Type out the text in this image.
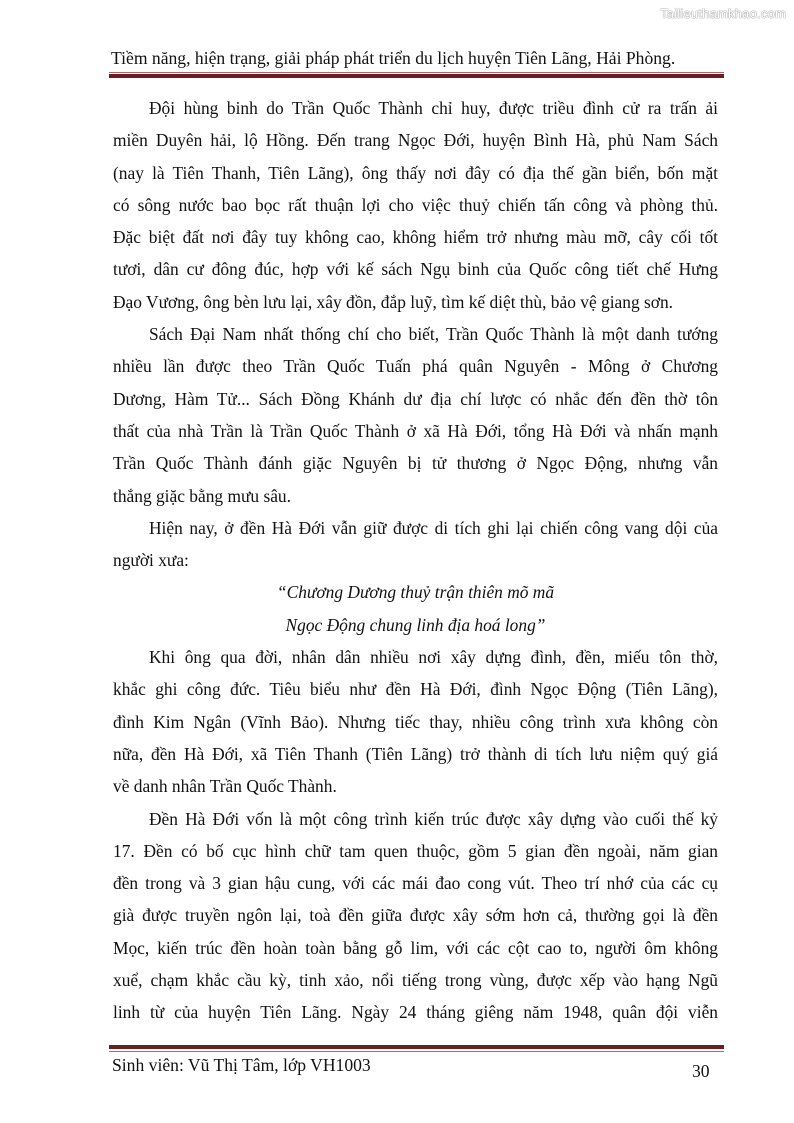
Tailieuthamkhao.com
Tiềm năng, hiện trạng, giải pháp phát triển du lịch huyện Tiên Lãng, Hải Phòng.
Đội hùng binh do Trần Quốc Thành chỉ huy, được triều đình cử ra trấn ải
miền Duyên hải, lộ Hồng. Đến trang Ngọc Đới, huyện Bình Hà, phủ Nam Sách
(nay là Tiên Thanh, Tiên Lãng), ông thấy nơi đây có địa thế gần biển, bốn mặt
có sông nước bao bọc rất thuận lợi cho việc thuỷ chiến tấn công và phòng thủ.
Đặc biệt đất nơi đây tuy không cao, không hiểm trở nhưng màu mỡ, cây cối tốt
tươi, dân cư đông đúc, hợp với kế sách Ngụ binh của Quốc công tiết chế Hưng
Đạo Vương, ông bèn lưu lại, xây đồn, đắp luỹ, tìm kế diệt thù, bảo vệ giang sơn.
Sách Đại Nam nhất thống chí cho biết, Trần Quốc Thành là một danh tướng
nhiều lần được theo Trần Quốc Tuấn phá quân Nguyên - Mông ở Chương
Dương, Hàm Tử... Sách Đồng Khánh dư địa chí lược có nhắc đến đền thờ tôn
thất của nhà Trần là Trần Quốc Thành ở xã Hà Đới, tổng Hà Đới và nhấn mạnh
Trần Quốc Thành đánh giặc Nguyên bị tử thương ở Ngọc Động, nhưng vẫn
thắng giặc bằng mưu sâu.
Hiện nay, ở đền Hà Đới vẫn giữ được di tích ghi lại chiến công vang dội của
người xưa:
“Chương Dương thuỷ trận thiên mõ mã
Ngọc Động chung linh địa hoá long”
Khi ông qua đời, nhân dân nhiều nơi xây dựng đình, đền, miếu tôn thờ,
khắc ghi công đức. Tiêu biểu như đền Hà Đới, đình Ngọc Động (Tiên Lãng),
đình Kim Ngân (Vĩnh Bảo). Nhưng tiếc thay, nhiều công trình xưa không còn
nữa, đền Hà Đới, xã Tiên Thanh (Tiên Lãng) trở thành di tích lưu niệm quý giá
về danh nhân Trần Quốc Thành.
Đền Hà Đới vốn là một công trình kiến trúc được xây dựng vào cuối thế kỷ
17. Đền có bố cục hình chữ tam quen thuộc, gồm 5 gian đền ngoài, năm gian
đền trong và 3 gian hậu cung, với các mái đao cong vút. Theo trí nhớ của các cụ
già được truyền ngôn lại, toà đền giữa được xây sớm hơn cả, thường gọi là đền
Mọc, kiến trúc đền hoàn toàn bằng gỗ lim, với các cột cao to, người ôm không
xuể, chạm khắc cầu kỳ, tinh xảo, nổi tiếng trong vùng, được xếp vào hạng Ngũ
linh từ của huyện Tiên Lãng. Ngày 24 tháng giêng năm 1948, quân đội viễn
Sinh viên: Vũ Thị Tâm, lớp VH1003	30
